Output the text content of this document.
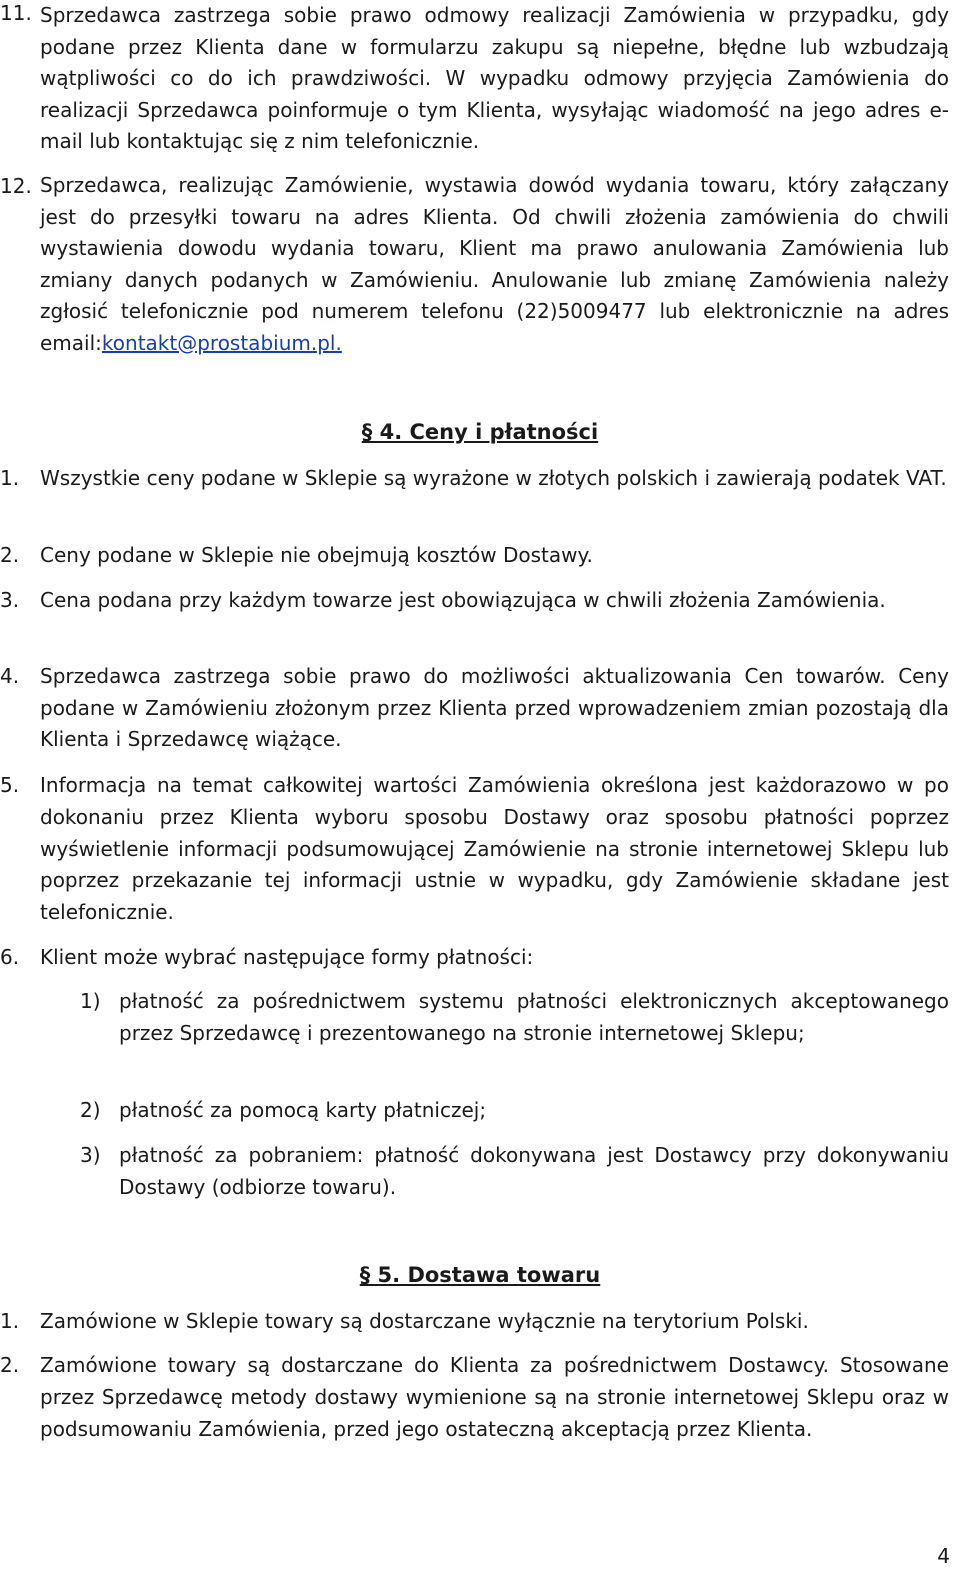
11. Sprzedawca zastrzega sobie prawo odmowy realizacji Zamówienia w przypadku, gdy podane przez Klienta dane w formularzu zakupu są niepełne, błędne lub wzbudzają wątpliwości co do ich prawdziwości. W wypadku odmowy przyjęcia Zamówienia do realizacji Sprzedawca poinformuje o tym Klienta, wysyłając wiadomość na jego adres e-mail lub kontaktując się z nim telefonicznie.
12. Sprzedawca, realizując Zamówienie, wystawia dowód wydania towaru, który załączany jest do przesyłki towaru na adres Klienta. Od chwili złożenia zamówienia do chwili wystawienia dowodu wydania towaru, Klient ma prawo anulowania Zamówienia lub zmiany danych podanych w Zamówieniu. Anulowanie lub zmianę Zamówienia należy zgłosić telefonicznie pod numerem telefonu (22)5009477 lub elektronicznie na adres email:kontakt@prostabium.pl.
§ 4. Ceny i płatności
1.	Wszystkie ceny podane w Sklepie są wyrażone w złotych polskich i zawierają podatek VAT.
2.	Ceny podane w Sklepie nie obejmują kosztów Dostawy.
3.	Cena podana przy każdym towarze jest obowiązująca w chwili złożenia Zamówienia.
4.	Sprzedawca zastrzega sobie prawo do możliwości aktualizowania Cen towarów. Ceny podane w Zamówieniu złożonym przez Klienta przed wprowadzeniem zmian pozostają dla Klienta i Sprzedawcę wiążące.
5.	Informacja na temat całkowitej wartości Zamówienia określona jest każdorazowo w po dokonaniu przez Klienta wyboru sposobu Dostawy oraz sposobu płatności poprzez wyświetlenie informacji podsumowującej Zamówienie na stronie internetowej Sklepu lub poprzez przekazanie tej informacji ustnie w wypadku, gdy Zamówienie składane jest telefonicznie.
6.	Klient może wybrać następujące formy płatności:
1) płatność za pośrednictwem systemu płatności elektronicznych akceptowanego przez Sprzedawcę i prezentowanego na stronie internetowej Sklepu;
2) płatność za pomocą karty płatniczej;
3) płatność za pobraniem: płatność dokonywana jest Dostawcy przy dokonywaniu Dostawy (odbiorze towaru).
§ 5. Dostawa towaru
1.	Zamówione w Sklepie towary są dostarczane wyłącznie na terytorium Polski.
2.	Zamówione towary są dostarczane do Klienta za pośrednictwem Dostawcy. Stosowane przez Sprzedawcę metody dostawy wymienione są na stronie internetowej Sklepu oraz w podsumowaniu Zamówienia, przed jego ostateczną akceptacją przez Klienta.
4
